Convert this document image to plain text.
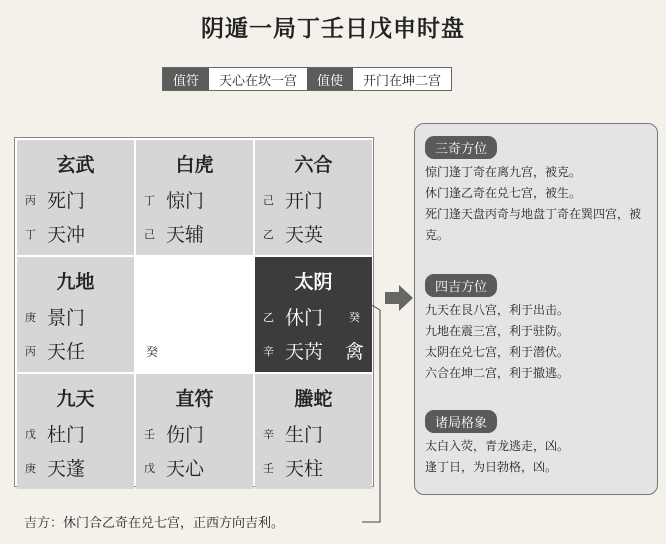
阴遁一局丁壬日戊申时盘
值符	天心在坎一宫	值使	开门在坤二宫
玄武
丙 死门
丁 天冲
白虎
丁 惊门
己 天辅
六合
己 开门
乙 天英
九地
庚 景门
丙 天任	癸
太阴
乙 休门 癸
辛 天芮 禽
九天
戊 杜门
庚 天蓬
直符
壬 伤门
戊 天心
螣蛇
辛 生门
壬 天柱
三奇方位
惊门逢丁奇在离九宫，被克。
休门逢乙奇在兑七宫，被生。
死门逢天盘丙奇与地盘丁奇在巽四宫，被克。
四吉方位
九天在艮八宫，利于出击。
九地在震三宫，利于驻防。
太阴在兑七宫，利于潜伏。
六合在坤二宫，利于撤逃。
诸局格象
太白入荧，青龙逃走，凶。
逢丁日，为日勃格，凶。
吉方：休门合乙奇在兑七宫，正西方向吉利。
